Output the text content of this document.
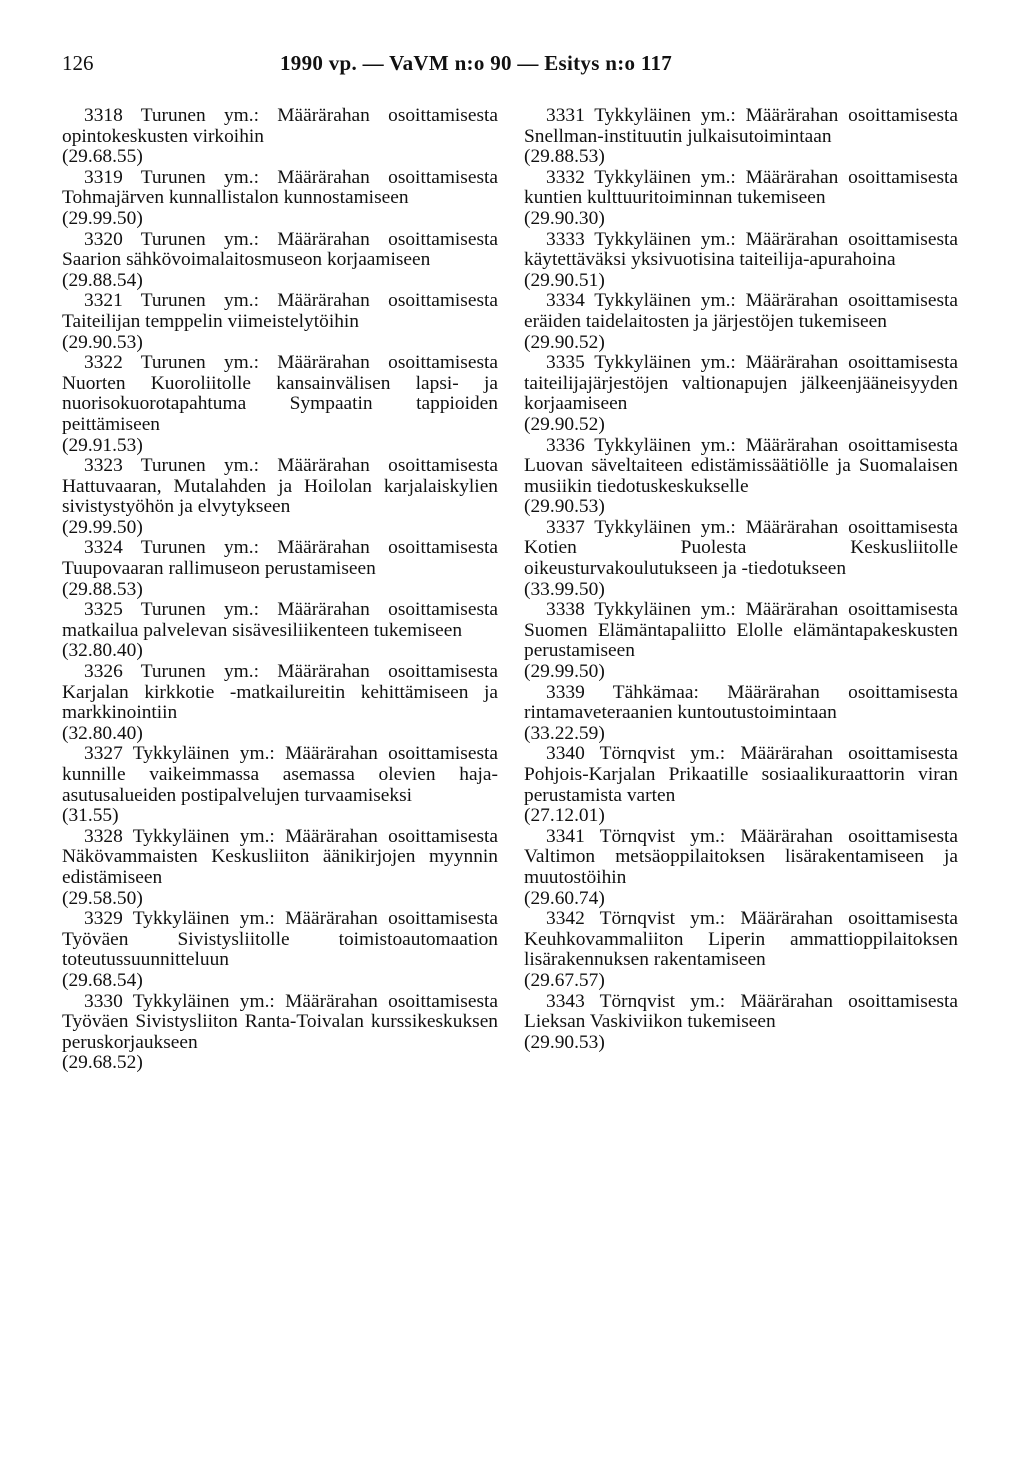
126	1990 vp. — VaVM n:o 90 — Esitys n:o 117

3318 Turunen ym.: Määrärahan osoittamisesta opintokeskusten virkoihin

(29.68.55)

3319 Turunen ym.: Määrärahan osoittamisesta Tohmajärven kunnallistalon kunnostamiseen

(29.99.50)

3320 Turunen ym.: Määrärahan osoittamisesta Saarion sähkövoimalaitosmuseon korjaamiseen

(29.88.54)

3321 Turunen ym.: Määrärahan osoittamisesta Taiteilijan temppelin viimeistelytöihin

(29.90.53)

3322 Turunen ym.: Määrärahan osoittamisesta Nuorten Kuoroliitolle kansainvälisen lapsi- ja nuorisokuorotapahtuma Sympaatin tappioiden peittämiseen

(29.91.53)

3323 Turunen ym.: Määrärahan osoittamisesta Hattuvaaran, Mutalahden ja Hoilolan karjalaiskylien sivistystyöhön ja elvytykseen

(29.99.50)

3324 Turunen ym.: Määrärahan osoittamisesta Tuupovaaran rallimuseon perustamiseen

(29.88.53)

3325 Turunen ym.: Määrärahan osoittamisesta matkailua palvelevan sisävesiliikenteen tukemiseen

(32.80.40)

3326 Turunen ym.: Määrärahan osoittamisesta Karjalan kirkkotie -matkailureitin kehittämiseen ja markkinointiin

(32.80.40)

3327 Tykkyläinen ym.: Määrärahan osoittamisesta kunnille vaikeimmassa asemassa olevien haja-asutusalueiden postipalvelujen turvaamiseksi

(31.55)

3328 Tykkyläinen ym.: Määrärahan osoittamisesta Näkövammaisten Keskusliiton äänikirjojen myynnin edistämiseen

(29.58.50)

3329 Tykkyläinen ym.: Määrärahan osoittamisesta Työväen Sivistysliitolle toimistoautomaation toteutussuunnitteluun

(29.68.54)

3330 Tykkyläinen ym.: Määrärahan osoittamisesta Työväen Sivistysliiton Ranta-Toivalan kurssikeskuksen peruskorjaukseen

(29.68.52)

3331 Tykkyläinen ym.: Määrärahan osoittamisesta Snellman-instituutin julkaisutoimintaan

(29.88.53)

3332 Tykkyläinen ym.: Määrärahan osoittamisesta kuntien kulttuuritoiminnan tukemiseen

(29.90.30)

3333 Tykkyläinen ym.: Määrärahan osoittamisesta käytettäväksi yksivuotisina taiteilija-apurahoina

(29.90.51)

3334 Tykkyläinen ym.: Määrärahan osoittamisesta eräiden taidelaitosten ja järjestöjen tukemiseen

(29.90.52)

3335 Tykkyläinen ym.: Määrärahan osoittamisesta taiteilijajärjestöjen valtionapujen jälkeenjääneisyyden korjaamiseen

(29.90.52)

3336 Tykkyläinen ym.: Määrärahan osoittamisesta Luovan säveltaiteen edistämissäätiölle ja Suomalaisen musiikin tiedotuskeskukselle

(29.90.53)

3337 Tykkyläinen ym.: Määrärahan osoittamisesta Kotien Puolesta Keskusliitolle oikeusturvakoulutukseen ja -tiedotukseen

(33.99.50)

3338 Tykkyläinen ym.: Määrärahan osoittamisesta Suomen Elämäntapaliitto Elolle elämäntapakeskusten perustamiseen

(29.99.50)

3339 Tähkämaa: Määrärahan osoittamisesta rintamaveteraanien kuntoutustoimintaan

(33.22.59)

3340 Törnqvist ym.: Määrärahan osoittamisesta Pohjois-Karjalan Prikaatille sosiaalikuraattorin viran perustamista varten

(27.12.01)

3341 Törnqvist ym.: Määrärahan osoittamisesta Valtimon metsäoppilaitoksen lisärakentamiseen ja muutostöihin

(29.60.74)

3342 Törnqvist ym.: Määrärahan osoittamisesta Keuhkovammaliiton Liperin ammattioppilaitoksen lisärakennuksen rakentamiseen

(29.67.57)

3343 Törnqvist ym.: Määrärahan osoittamisesta Lieksan Vaskiviikon tukemiseen

(29.90.53)
